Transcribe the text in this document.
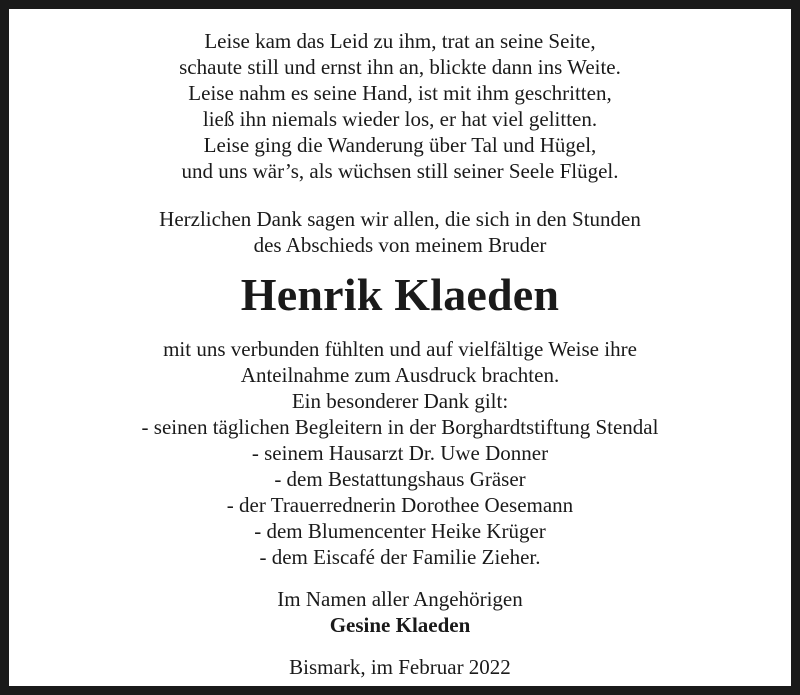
Leise kam das Leid zu ihm, trat an seine Seite,
schaute still und ernst ihn an, blickte dann ins Weite.
Leise nahm es seine Hand, ist mit ihm geschritten,
ließ ihn niemals wieder los, er hat viel gelitten.
Leise ging die Wanderung über Tal und Hügel,
und uns wär’s, als wüchsen still seiner Seele Flügel.
Herzlichen Dank sagen wir allen, die sich in den Stunden
des Abschieds von meinem Bruder
Henrik Klaeden
mit uns verbunden fühlten und auf vielfältige Weise ihre
Anteilnahme zum Ausdruck brachten.
Ein besonderer Dank gilt:
- seinen täglichen Begleitern in der Borghardtstiftung Stendal
- seinem Hausarzt Dr. Uwe Donner
- dem Bestattungshaus Gräser
- der Trauerrednerin Dorothee Oesemann
- dem Blumencenter Heike Krüger
- dem Eiscafé der Familie Zieher.
Im Namen aller Angehörigen
Gesine Klaeden
Bismark, im Februar 2022
